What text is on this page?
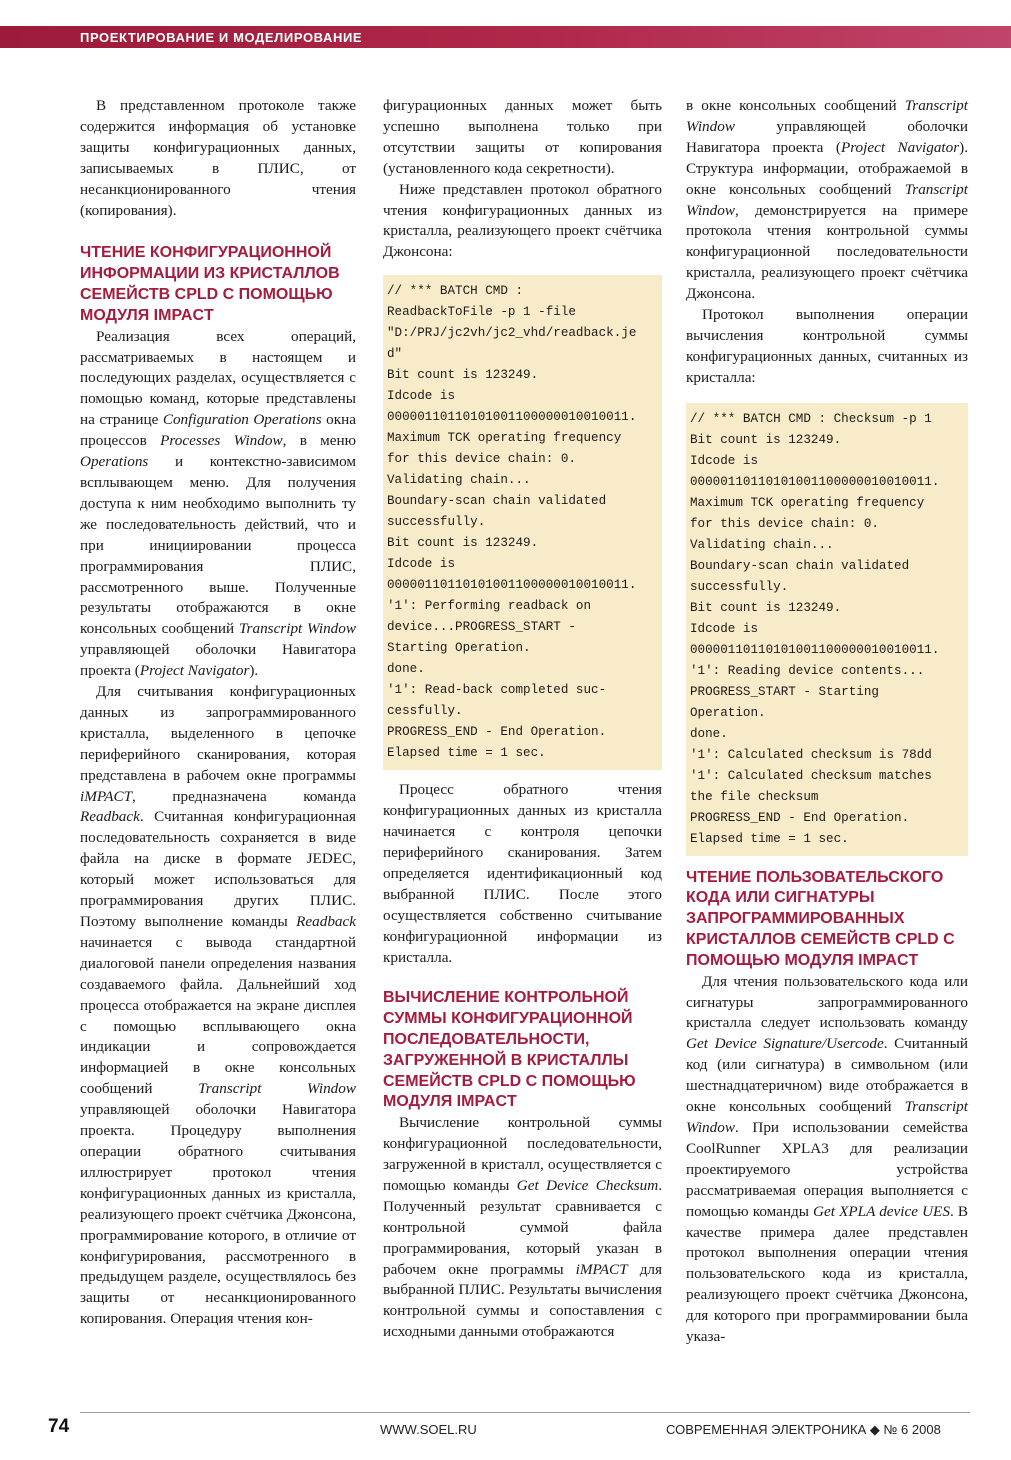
ПРОЕКТИРОВАНИЕ И МОДЕЛИРОВАНИЕ

В представленном протоколе также содержится информация об установке защиты конфигурационных данных, записываемых в ПЛИС, от несанкционированного чтения (копирования).

ЧТЕНИЕ КОНФИГУРАЦИОННОЙ ИНФОРМАЦИИ ИЗ КРИСТАЛЛОВ СЕМЕЙСТВ CPLD С ПОМОЩЬЮ МОДУЛЯ IMPACT

Реализация всех операций, рассматриваемых в настоящем и последующих разделах, осуществляется с помощью команд, которые представлены на странице Configuration Operations окна процессов Processes Window, в меню Operations и контекстно-зависимом всплывающем меню. Для получения доступа к ним необходимо выполнить ту же последовательность действий, что и при инициировании процесса программирования ПЛИС, рассмотренного выше. Полученные результаты отображаются в окне консольных сообщений Transcript Window управляющей оболочки Навигатора проекта (Project Navigator).

Для считывания конфигурационных данных из запрограммированного кристалла, выделенного в цепочке периферийного сканирования, которая представлена в рабочем окне программы iMPACT, предназначена команда Readback. Считанная конфигурационная последовательность сохраняется в виде файла на диске в формате JEDEC, который может использоваться для программирования других ПЛИС. Поэтому выполнение команды Readback начинается с вывода стандартной диалоговой панели определения названия создаваемого файла. Дальнейший ход процесса отображается на экране дисплея с помощью всплывающего окна индикации и сопровождается информацией в окне консольных сообщений Transcript Window управляющей оболочки Навигатора проекта. Процедуру выполнения операции обратного считывания иллюстрирует протокол чтения конфигурационных данных из кристалла, реализующего проект счётчика Джонсона, программирование которого, в отличие от конфигурирования, рассмотренного в предыдущем разделе, осуществлялось без защиты от несанкционированного копирования. Операция чтения кон-

фигурационных данных может быть успешно выполнена только при отсутствии защиты от копирования (установленного кода секретности).

Ниже представлен протокол обратного чтения конфигурационных данных из кристалла, реализующего проект счётчика Джонсона:

// *** BATCH CMD :
ReadbackToFile -p 1 -file
"D:/PRJ/jc2vh/jc2_vhd/readback.je
d"
Bit count is 123249.
Idcode is
00000110110101001100000010010011.
Maximum TCK operating frequency
for this device chain: 0.
Validating chain...
Boundary-scan chain validated
successfully.
Bit count is 123249.
Idcode is
00000110110101001100000010010011.
'1': Performing readback on
device...PROGRESS_START -
Starting Operation.
done.
'1': Read-back completed suc-
cessfully.
PROGRESS_END - End Operation.
Elapsed time = 1 sec.

Процесс обратного чтения конфигурационных данных из кристалла начинается с контроля цепочки периферийного сканирования. Затем определяется идентификационный код выбранной ПЛИС. После этого осуществляется собственно считывание конфигурационной информации из кристалла.

ВЫЧИСЛЕНИЕ КОНТРОЛЬНОЙ СУММЫ КОНФИГУРАЦИОННОЙ ПОСЛЕДОВАТЕЛЬНОСТИ, ЗАГРУЖЕННОЙ В КРИСТАЛЛЫ СЕМЕЙСТВ CPLD С ПОМОЩЬЮ МОДУЛЯ IMPACT

Вычисление контрольной суммы конфигурационной последовательности, загруженной в кристалл, осуществляется с помощью команды Get Device Checksum. Полученный результат сравнивается с контрольной суммой файла программирования, который указан в рабочем окне программы iMPACT для выбранной ПЛИС. Результаты вычисления контрольной суммы и сопоставления с исходными данными отображаются

в окне консольных сообщений Transcript Window управляющей оболочки Навигатора проекта (Project Navigator). Структура информации, отображаемой в окне консольных сообщений Transcript Window, демонстрируется на примере протокола чтения контрольной суммы конфигурационной последовательности кристалла, реализующего проект счётчика Джонсона.

Протокол выполнения операции вычисления контрольной суммы конфигурационных данных, считанных из кристалла:

// *** BATCH CMD : Checksum -p 1
Bit count is 123249.
Idcode is
00000110110101001100000010010011.
Maximum TCK operating frequency
for this device chain: 0.
Validating chain...
Boundary-scan chain validated
successfully.
Bit count is 123249.
Idcode is
00000110110101001100000010010011.
'1': Reading device contents...
PROGRESS_START - Starting
Operation.
done.
'1': Calculated checksum is 78dd
'1': Calculated checksum matches
the file checksum
PROGRESS_END - End Operation.
Elapsed time = 1 sec.
ЧТЕНИЕ ПОЛЬЗОВАТЕЛЬСКОГО КОДА ИЛИ СИГНАТУРЫ ЗАПРОГРАММИРОВАННЫХ КРИСТАЛЛОВ СЕМЕЙСТВ CPLD С ПОМОЩЬЮ МОДУЛЯ IMPACT

Для чтения пользовательского кода или сигнатуры запрограммированного кристалла следует использовать команду Get Device Signature/Usercode. Считанный код (или сигнатура) в символьном (или шестнадцатеричном) виде отображается в окне консольных сообщений Transcript Window. При использовании семейства CoolRunner XPLA3 для реализации проектируемого устройства рассматриваемая операция выполняется с помощью команды Get XPLA device UES. В качестве примера далее представлен протокол выполнения операции чтения пользовательского кода из кристалла, реализующего проект счётчика Джонсона, для которого при программировании была указа-

74	WWW.SOEL.RU	СОВРЕМЕННАЯ ЭЛЕКТРОНИКА ◆ № 6 2008
